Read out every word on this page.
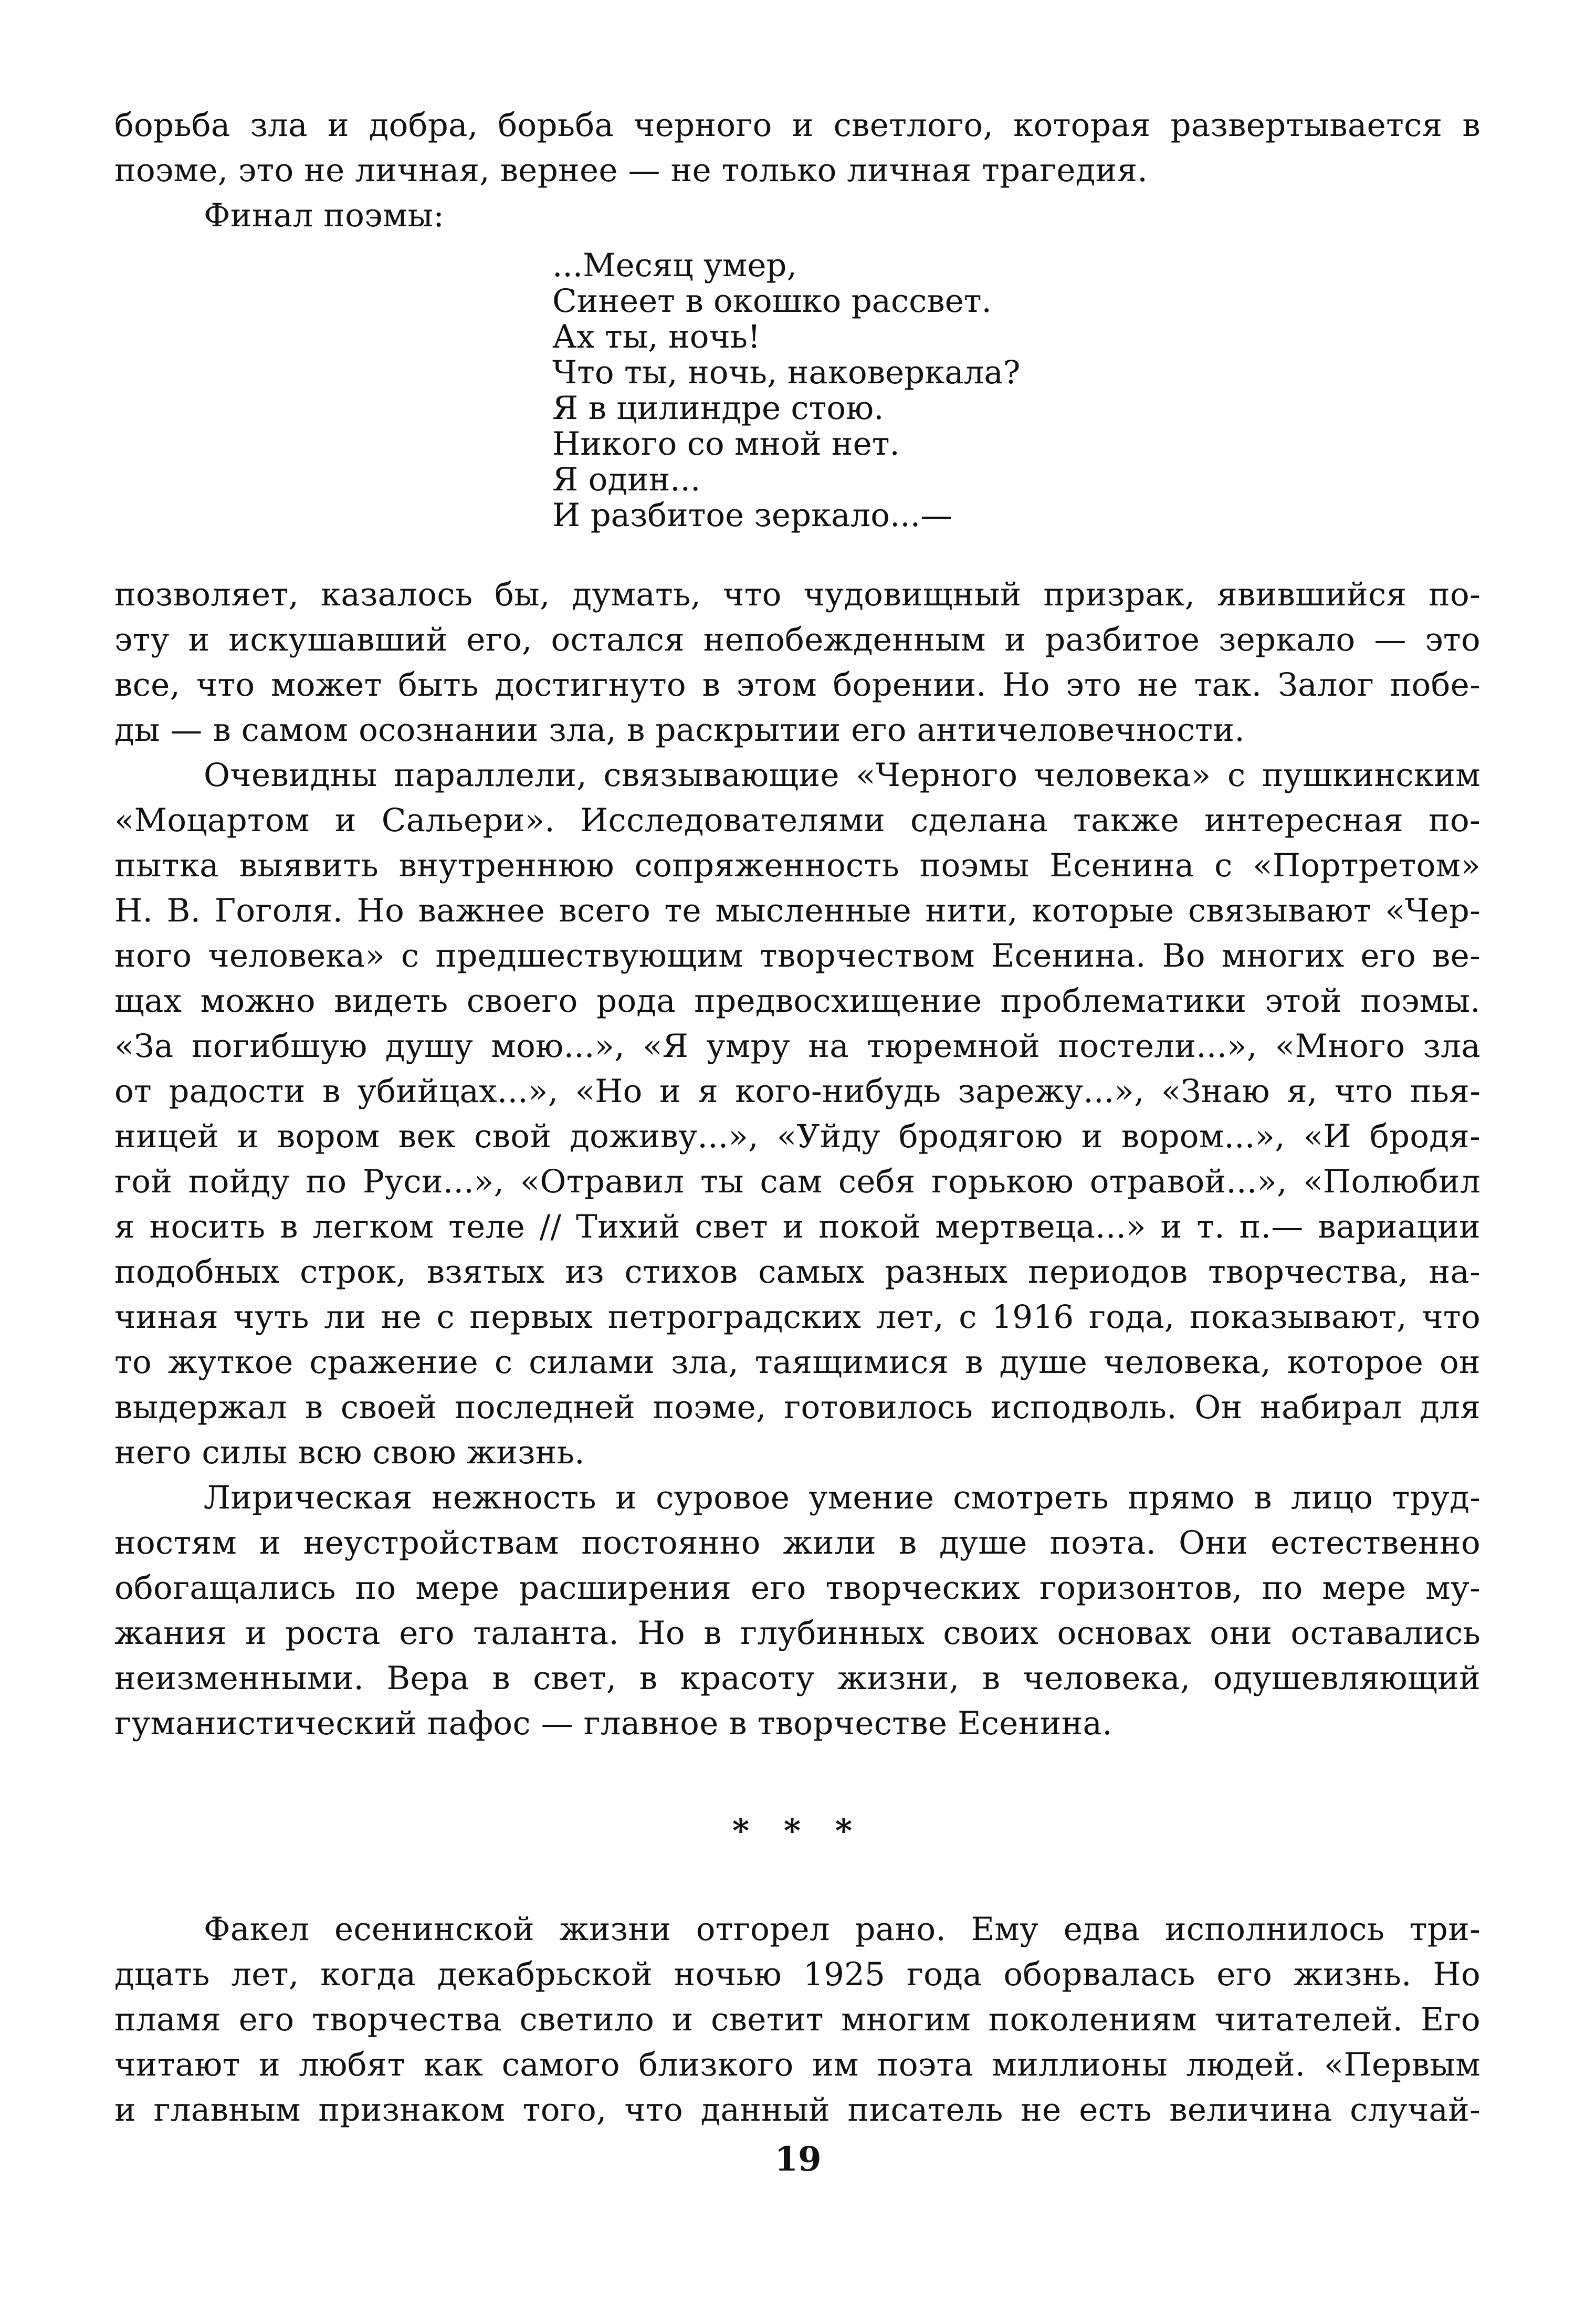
борьба зла и добра, борьба черного и светлого, которая развертывается в

поэме, это не личная, вернее — не только личная трагедия.

Финал поэмы:

...Месяц умер,

Синеет в окошко рассвет.

Ах ты, ночь!

Что ты, ночь, наковеркала?

Я в цилиндре стою.

Никого со мной нет.

Я один...

И разбитое зеркало...—

позволяет, казалось бы, думать, что чудовищный призрак, явившийся по-

эту и искушавший его, остался непобежденным и разбитое зеркало — это

все, что может быть достигнуто в этом борении. Но это не так. Залог побе-

ды — в самом осознании зла, в раскрытии его античеловечности.

Очевидны параллели, связывающие «Черного человека» с пушкинским

«Моцартом и Сальери». Исследователями сделана также интересная по-

пытка выявить внутреннюю сопряженность поэмы Есенина с «Портретом»

Н. В. Гоголя. Но важнее всего те мысленные нити, которые связывают «Чер-

ного человека» с предшествующим творчеством Есенина. Во многих его ве-

щах можно видеть своего рода предвосхищение проблематики этой поэмы.

«За погибшую душу мою...», «Я умру на тюремной постели...», «Много зла

от радости в убийцах...», «Но и я кого-нибудь зарежу...», «Знаю я, что пья-

ницей и вором век свой доживу...», «Уйду бродягою и вором...», «И бродя-

гой пойду по Руси...», «Отравил ты сам себя горькою отравой...», «Полюбил

я носить в легком теле // Тихий свет и покой мертвеца...» и т. п.— вариации

подобных строк, взятых из стихов самых разных периодов творчества, на-

чиная чуть ли не с первых петроградских лет, с 1916 года, показывают, что

то жуткое сражение с силами зла, таящимися в душе человека, которое он

выдержал в своей последней поэме, готовилось исподволь. Он набирал для

него силы всю свою жизнь.

Лирическая нежность и суровое умение смотреть прямо в лицо труд-

ностям и неустройствам постоянно жили в душе поэта. Они естественно

обогащались по мере расширения его творческих горизонтов, по мере му-

жания и роста его таланта. Но в глубинных своих основах они оставались

неизменными. Вера в свет, в красоту жизни, в человека, одушевляющий

гуманистический пафос — главное в творчестве Есенина.

* * *

Факел есенинской жизни отгорел рано. Ему едва исполнилось три-

дцать лет, когда декабрьской ночью 1925 года оборвалась его жизнь. Но

пламя его творчества светило и светит многим поколениям читателей. Его

читают и любят как самого близкого им поэта миллионы людей. «Первым

и главным признаком того, что данный писатель не есть величина случай-

19
